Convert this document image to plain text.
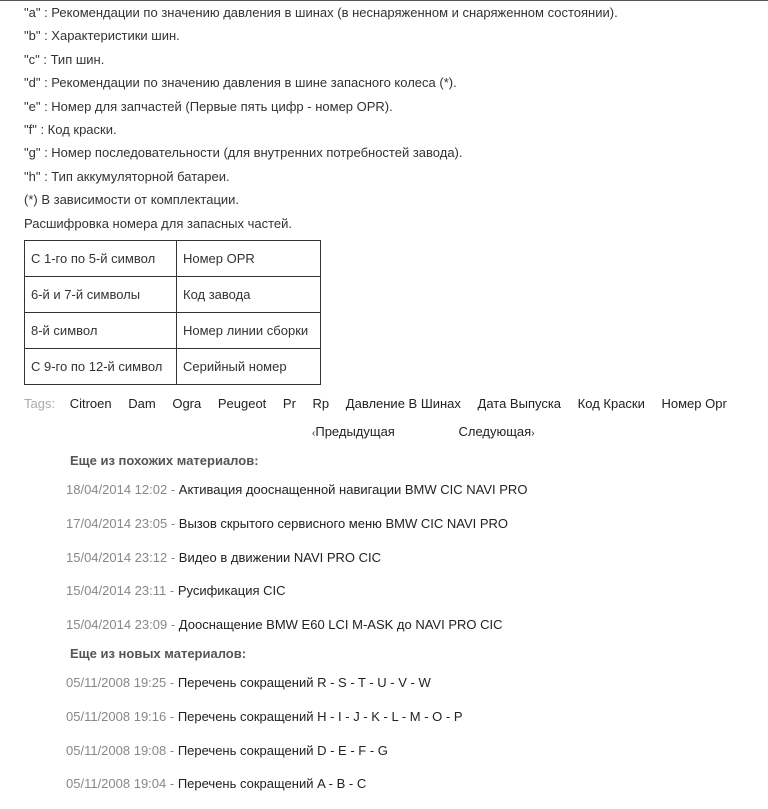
"a" : Рекомендации по значению давления в шинах (в неснаряженном и снаряженном состоянии).
"b" : Характеристики шин.
"c" : Тип шин.
"d" : Рекомендации по значению давления в шине запасного колеса (*).
"e" : Номер для запчастей (Первые пять цифр - номер OPR).
"f" : Код краски.
"g" : Номер последовательности (для внутренних потребностей завода).
"h" : Тип аккумуляторной батареи.
(*) В зависимости от комплектации.
Расшифровка номера для запасных частей.
С 1-го по 5-й символ	Номер OPR
6-й и 7-й символы	Код завода
8-й символ	Номер линии сборки
С 9-го по 12-й символ	Серийный номер
Tags: Citroen Dam Ogra Peugeot Pr Rp Давление В Шинах Дата Выпуска Код Краски Номер Opr
‹Предыдущая	Следующая›
Еще из похожих материалов:
18/04/2014 12:02 - Активация дооснащенной навигации BMW CIC NAVI PRO
17/04/2014 23:05 - Вызов скрытого сервисного меню BMW CIC NAVI PRO
15/04/2014 23:12 - Видео в движении NAVI PRO CIC
15/04/2014 23:11 - Русификация CIC
15/04/2014 23:09 - Дооснащение BMW E60 LCI M-ASK до NAVI PRO CIC
Еще из новых материалов:
05/11/2008 19:25 - Перечень сокращений R - S - T - U - V - W
05/11/2008 19:16 - Перечень сокращений H - I - J - K - L - M - O - P
05/11/2008 19:08 - Перечень сокращений D - E - F - G
05/11/2008 19:04 - Перечень сокращений A - B - C
